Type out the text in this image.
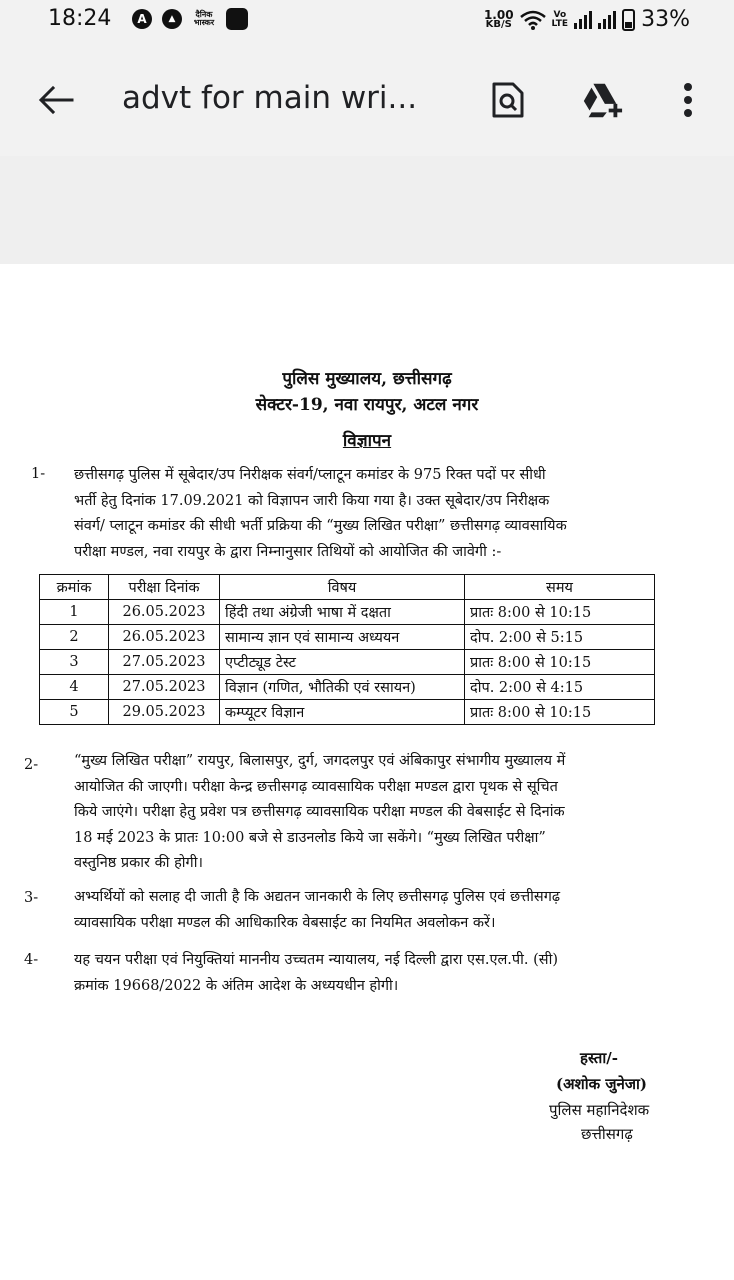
18:24	A	▲	दैनिक भास्कर
1.00
KB/S
Vo
LTE	33%
advt for main wri...
पुलिस मुख्यालय, छत्तीसगढ़
सेक्टर-19, नवा रायपुर, अटल नगर
विज्ञापन
1- छत्तीसगढ़ पुलिस में सूबेदार/उप निरीक्षक संवर्ग/प्लाटून कमांडर के 975 रिक्त पदों पर सीधी
भर्ती हेतु दिनांक 17.09.2021 को विज्ञापन जारी किया गया है। उक्त सूबेदार/उप निरीक्षक
संवर्ग/ प्लाटून कमांडर की सीधी भर्ती प्रक्रिया की “मुख्य लिखित परीक्षा” छत्तीसगढ़ व्यावसायिक
परीक्षा मण्डल, नवा रायपुर के द्वारा निम्नानुसार तिथियों को आयोजित की जावेगी :-
क्रमांक	परीक्षा दिनांक	विषय	समय
1	26.05.2023	हिंदी तथा अंग्रेजी भाषा में दक्षता	प्रातः 8:00 से 10:15
2	26.05.2023	सामान्य ज्ञान एवं सामान्य अध्ययन	दोप. 2:00 से 5:15
3	27.05.2023	एप्टीट्यूड टेस्ट	प्रातः 8:00 से 10:15
4	27.05.2023	विज्ञान (गणित, भौतिकी एवं रसायन)	दोप. 2:00 से 4:15
5	29.05.2023	कम्प्यूटर विज्ञान	प्रातः 8:00 से 10:15
2- “मुख्य लिखित परीक्षा” रायपुर, बिलासपुर, दुर्ग, जगदलपुर एवं अंबिकापुर संभागीय मुख्यालय में
आयोजित की जाएगी। परीक्षा केन्द्र छत्तीसगढ़ व्यावसायिक परीक्षा मण्डल द्वारा पृथक से सूचित
किये जाएंगे। परीक्षा हेतु प्रवेश पत्र छत्तीसगढ़ व्यावसायिक परीक्षा मण्डल की वेबसाईट से दिनांक
18 मई 2023 के प्रातः 10:00 बजे से डाउनलोड किये जा सकेंगे। “मुख्य लिखित परीक्षा”
वस्तुनिष्ठ प्रकार की होगी।
3- अभ्यर्थियों को सलाह दी जाती है कि अद्यतन जानकारी के लिए छत्तीसगढ़ पुलिस एवं छत्तीसगढ़
व्यावसायिक परीक्षा मण्डल की आधिकारिक वेबसाईट का नियमित अवलोकन करें।
4- यह चयन परीक्षा एवं नियुक्तियां माननीय उच्चतम न्यायालय, नई दिल्ली द्वारा एस.एल.पी. (सी)
क्रमांक 19668/2022 के अंतिम आदेश के अध्ययधीन होगी।
हस्ता/-
(अशोक जुनेजा)
पुलिस महानिदेशक
छत्तीसगढ़
